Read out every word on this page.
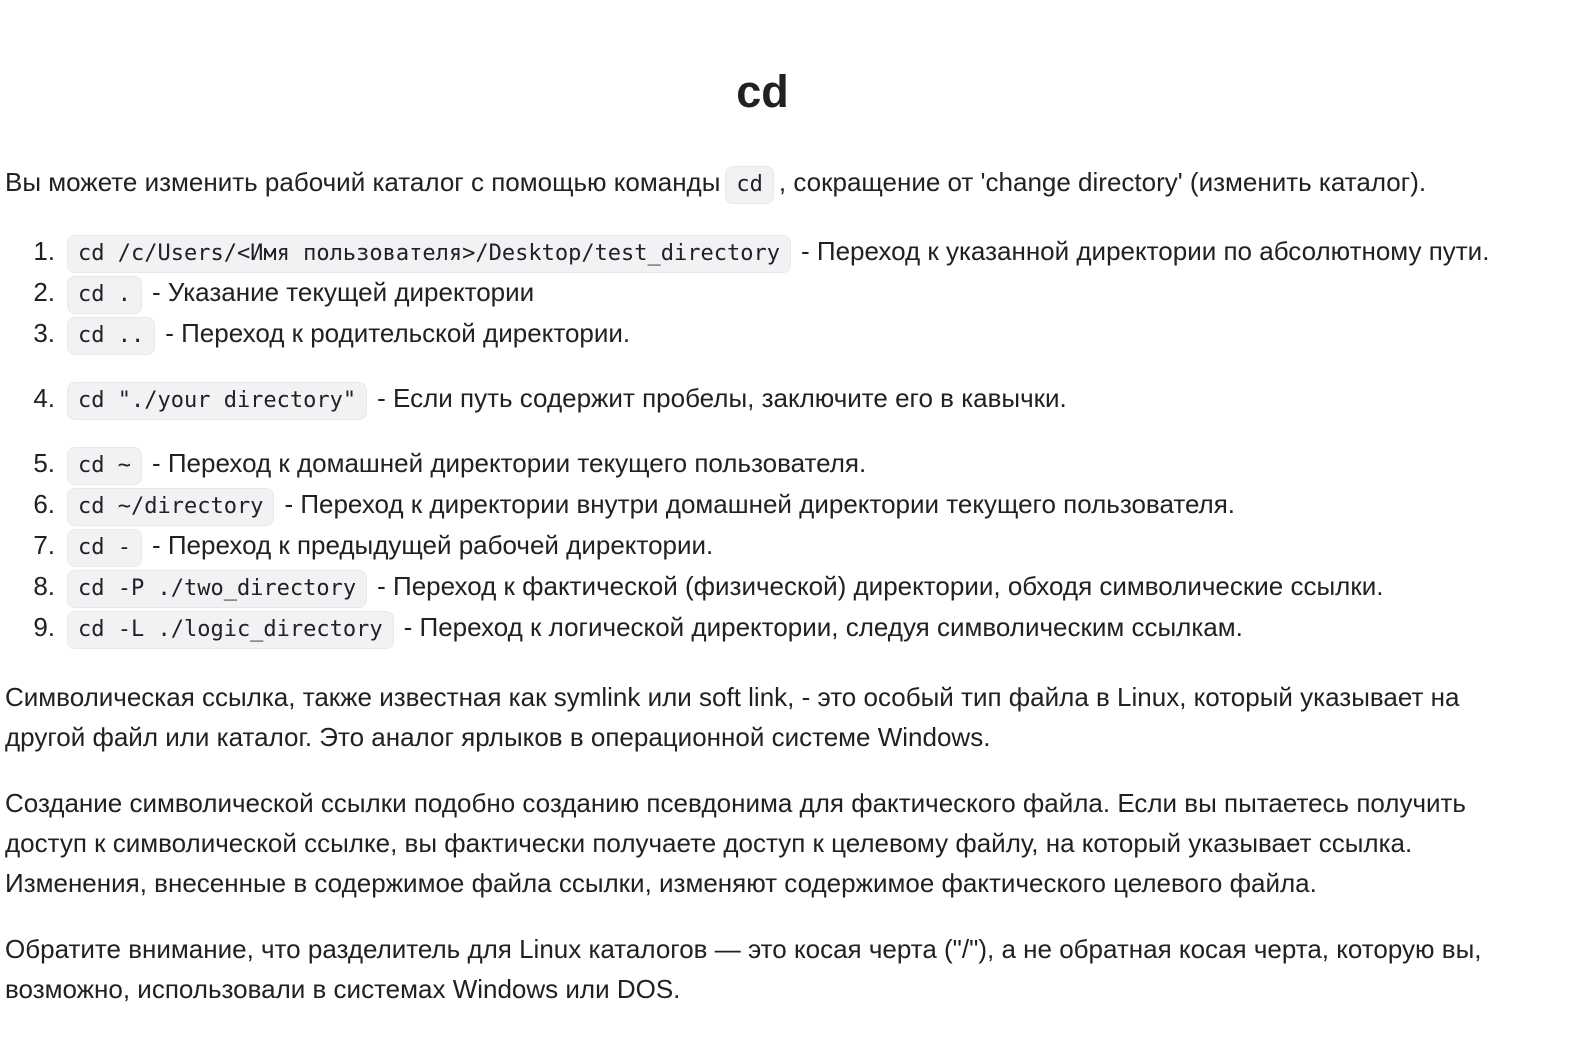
cd

Вы можете изменить рабочий каталог с помощью команды cd , сокращение от 'change directory' (изменить каталог).

1.	cd /c/Users/<Имя пользователя>/Desktop/test_directory - Переход к указанной директории по абсолютному пути.
2.	cd . - Указание текущей директории
3.	cd .. - Переход к родительской директории.
4.	cd "./your directory" - Если путь содержит пробелы, заключите его в кавычки.
5.	cd ~ - Переход к домашней директории текущего пользователя.
6.	cd ~/directory - Переход к директории внутри домашней директории текущего пользователя.
7.	cd - - Переход к предыдущей рабочей директории.
8.	cd -P ./two_directory - Переход к фактической (физической) директории, обходя символические ссылки.
9.	cd -L ./logic_directory - Переход к логической директории, следуя символическим ссылкам.

Символическая ссылка, также известная как symlink или soft link, - это особый тип файла в Linux, который указывает на другой файл или каталог. Это аналог ярлыков в операционной системе Windows.

Создание символической ссылки подобно созданию псевдонима для фактического файла. Если вы пытаетесь получить доступ к символической ссылке, вы фактически получаете доступ к целевому файлу, на который указывает ссылка. Изменения, внесенные в содержимое файла ссылки, изменяют содержимое фактического целевого файла.

Обратите внимание, что разделитель для Linux каталогов — это косая черта ("/"), а не обратная косая черта, которую вы, возможно, использовали в системах Windows или DOS.
